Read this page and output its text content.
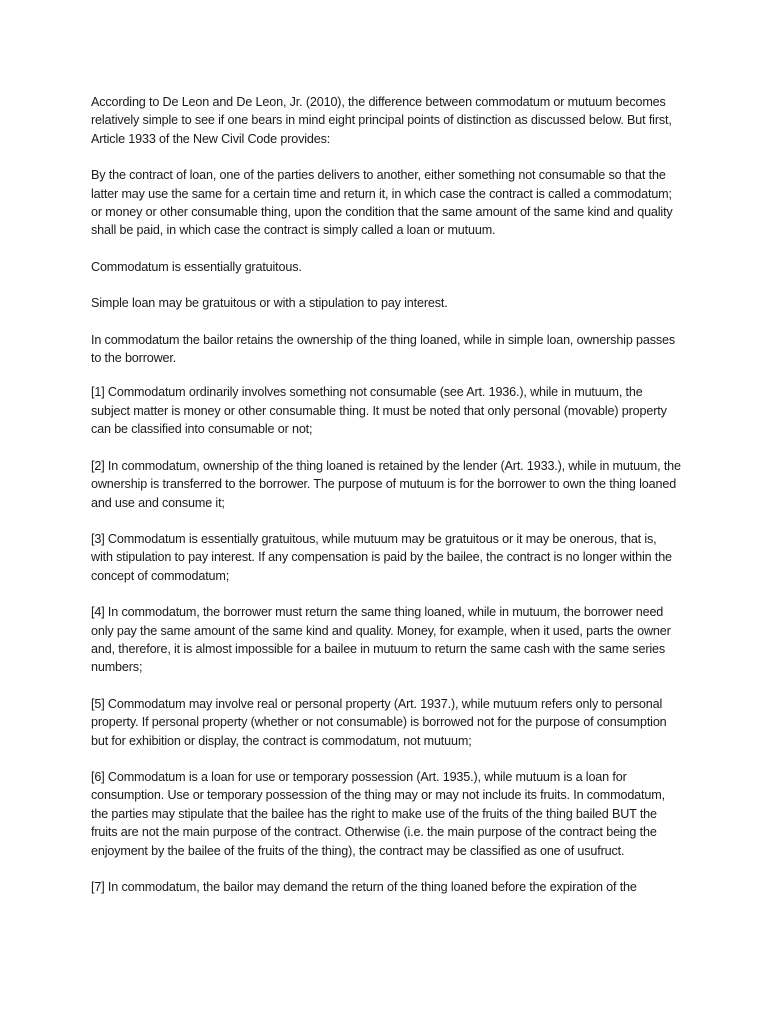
According to De Leon and De Leon, Jr. (2010), the difference between commodatum or mutuum becomes relatively simple to see if one bears in mind eight principal points of distinction as discussed below. But first, Article 1933 of the New Civil Code provides:

By the contract of loan, one of the parties delivers to another, either something not consumable so that the latter may use the same for a certain time and return it, in which case the contract is called a commodatum; or money or other consumable thing, upon the condition that the same amount of the same kind and quality shall be paid, in which case the contract is simply called a loan or mutuum.

Commodatum is essentially gratuitous.

Simple loan may be gratuitous or with a stipulation to pay interest.

In commodatum the bailor retains the ownership of the thing loaned, while in simple loan, ownership passes to the borrower.

[1] Commodatum ordinarily involves something not consumable (see Art. 1936.), while in mutuum, the subject matter is money or other consumable thing. It must be noted that only personal (movable) property can be classified into consumable or not;

[2] In commodatum, ownership of the thing loaned is retained by the lender (Art. 1933.), while in mutuum, the ownership is transferred to the borrower. The purpose of mutuum is for the borrower to own the thing loaned and use and consume it;

[3] Commodatum is essentially gratuitous, while mutuum may be gratuitous or it may be onerous, that is, with stipulation to pay interest. If any compensation is paid by the bailee, the contract is no longer within the concept of commodatum;

[4] In commodatum, the borrower must return the same thing loaned, while in mutuum, the borrower need only pay the same amount of the same kind and quality. Money, for example, when it used, parts the owner and, therefore, it is almost impossible for a bailee in mutuum to return the same cash with the same series numbers;

[5] Commodatum may involve real or personal property (Art. 1937.), while mutuum refers only to personal property. If personal property (whether or not consumable) is borrowed not for the purpose of consumption but for exhibition or display, the contract is commodatum, not mutuum;

[6] Commodatum is a loan for use or temporary possession (Art. 1935.), while mutuum is a loan for consumption. Use or temporary possession of the thing may or may not include its fruits. In commodatum, the parties may stipulate that the bailee has the right to make use of the fruits of the thing bailed BUT the fruits are not the main purpose of the contract. Otherwise (i.e. the main purpose of the contract being the enjoyment by the bailee of the fruits of the thing), the contract may be classified as one of usufruct.

[7] In commodatum, the bailor may demand the return of the thing loaned before the expiration of the
